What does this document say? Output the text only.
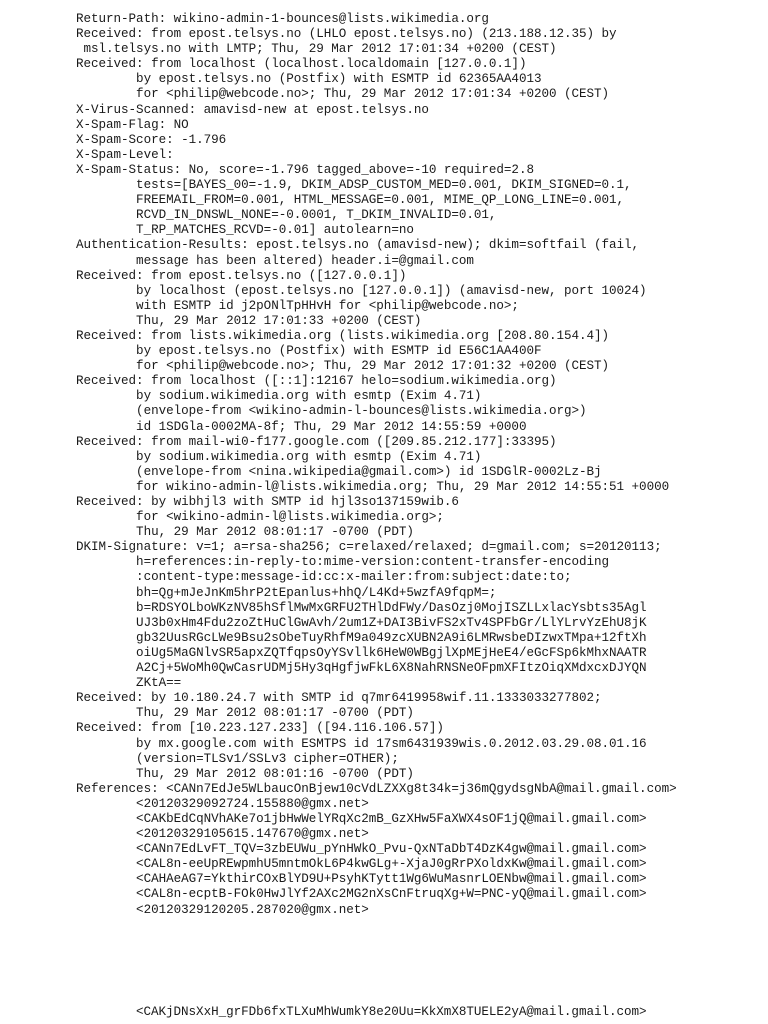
Return-Path: wikino-admin-1-bounces@lists.wikimedia.org
Received: from epost.telsys.no (LHLO epost.telsys.no) (213.188.12.35) by
msl.telsys.no with LMTP; Thu, 29 Mar 2012 17:01:34 +0200 (CEST)
Received: from localhost (localhost.localdomain [127.0.0.1])
by epost.telsys.no (Postfix) with ESMTP id 62365AA4013
for <philip@webcode.no>; Thu, 29 Mar 2012 17:01:34 +0200 (CEST)
X-Virus-Scanned: amavisd-new at epost.telsys.no
X-Spam-Flag: NO
X-Spam-Score: -1.796
X-Spam-Level:
X-Spam-Status: No, score=-1.796 tagged_above=-10 required=2.8
tests=[BAYES_00=-1.9, DKIM_ADSP_CUSTOM_MED=0.001, DKIM_SIGNED=0.1,
FREEMAIL_FROM=0.001, HTML_MESSAGE=0.001, MIME_QP_LONG_LINE=0.001,
RCVD_IN_DNSWL_NONE=-0.0001, T_DKIM_INVALID=0.01,
T_RP_MATCHES_RCVD=-0.01] autolearn=no
Authentication-Results: epost.telsys.no (amavisd-new); dkim=softfail (fail,
message has been altered) header.i=@gmail.com
Received: from epost.telsys.no ([127.0.0.1])
by localhost (epost.telsys.no [127.0.0.1]) (amavisd-new, port 10024)
with ESMTP id j2pONlTpHHvH for <philip@webcode.no>;
Thu, 29 Mar 2012 17:01:33 +0200 (CEST)
Received: from lists.wikimedia.org (lists.wikimedia.org [208.80.154.4])
by epost.telsys.no (Postfix) with ESMTP id E56C1AA400F
for <philip@webcode.no>; Thu, 29 Mar 2012 17:01:32 +0200 (CEST)
Received: from localhost ([::1]:12167 helo=sodium.wikimedia.org)
by sodium.wikimedia.org with esmtp (Exim 4.71)
(envelope-from <wikino-admin-l-bounces@lists.wikimedia.org>)
id 1SDGla-0002MA-8f; Thu, 29 Mar 2012 14:55:59 +0000
Received: from mail-wi0-f177.google.com ([209.85.212.177]:33395)
by sodium.wikimedia.org with esmtp (Exim 4.71)
(envelope-from <nina.wikipedia@gmail.com>) id 1SDGlR-0002Lz-Bj
for wikino-admin-l@lists.wikimedia.org; Thu, 29 Mar 2012 14:55:51 +0000
Received: by wibhjl3 with SMTP id hjl3so137159wib.6
for <wikino-admin-l@lists.wikimedia.org>;
Thu, 29 Mar 2012 08:01:17 -0700 (PDT)
DKIM-Signature: v=1; a=rsa-sha256; c=relaxed/relaxed; d=gmail.com; s=20120113;
h=references:in-reply-to:mime-version:content-transfer-encoding
:content-type:message-id:cc:x-mailer:from:subject:date:to;
bh=Qg+mJeJnKm5hrP2tEpanlus+hhQ/L4Kd+5wzfA9fqpM=;
b=RDSYOLboWKzNV85hSflMwMxGRFU2THlDdFWy/DasOzj0MojISZLLxlacYsbts35Agl
UJ3b0xHm4Fdu2zoZtHuClGwAvh/2um1Z+DAI3BivFS2xTv4SPFbGr/LlYLrvYzEhU8jK
gb32UusRGcLWe9Bsu2sObeTuyRhfM9a049zcXUBN2A9i6LMRwsbeDIzwxTMpa+12ftXh
oiUg5MaGNlvSR5apxZQTfqpsOyYSvllk6HeW0WBgjlXpMEjHeE4/eGcFSp6kMhxNAATR
A2Cj+5WoMh0QwCasrUDMj5Hy3qHgfjwFkL6X8NahRNSNeOFpmXFItzOiqXMdxcxDJYQN
ZKtA==
Received: by 10.180.24.7 with SMTP id q7mr6419958wif.11.1333033277802;
Thu, 29 Mar 2012 08:01:17 -0700 (PDT)
Received: from [10.223.127.233] ([94.116.106.57])
by mx.google.com with ESMTPS id 17sm6431939wis.0.2012.03.29.08.01.16
(version=TLSv1/SSLv3 cipher=OTHER);
Thu, 29 Mar 2012 08:01:16 -0700 (PDT)
References: <CANn7EdJe5WLbaucOnBjew10cVdLZXXg8t34k=j36mQgydsgNbA@mail.gmail.com>
<20120329092724.155880@gmx.net>
<CAKbEdCqNVhAKe7o1jbHwWelYRqXc2mB_GzXHw5FaXWX4sOF1jQ@mail.gmail.com>
<20120329105615.147670@gmx.net>
<CANn7EdLvFT_TQV=3zbEUWu_pYnHWkO_Pvu-QxNTaDbT4DzK4gw@mail.gmail.com>
<CAL8n-eeUpREwpmhU5mntmOkL6P4kwGLg+-XjaJ0gRrPXoldxKw@mail.gmail.com>
<CAHAeAG7=YkthirCOxBlYD9U+PsyhKTytt1Wg6WuMasnrLOENbw@mail.gmail.com>
<CAL8n-ecptB-FOk0HwJlYf2AXc2MG2nXsCnFtruqXg+W=PNC-yQ@mail.gmail.com>
<20120329120205.287020@gmx.net>
<CAKjDNsXxH_grFDb6fxTLXuMhWumkY8e20Uu=KkXmX8TUELE2yA@mail.gmail.com>
